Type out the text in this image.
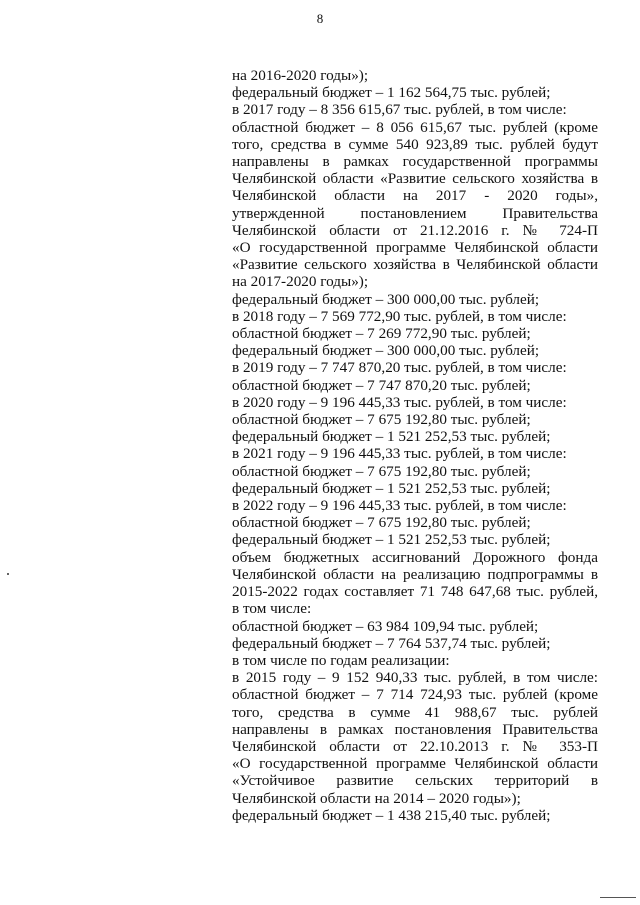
8
на 2016-2020 годы»);
федеральный бюджет – 1 162 564,75 тыс. рублей;
в 2017 году – 8 356 615,67 тыс. рублей, в том числе:
областной бюджет – 8 056 615,67 тыс. рублей (кроме
того, средства в сумме 540 923,89 тыс. рублей будут
направлены в рамках государственной программы
Челябинской области «Развитие сельского хозяйства в
Челябинской области на 2017 - 2020 годы»,
утвержденной постановлением Правительства
Челябинской области от 21.12.2016 г. № 724-П
«О государственной программе Челябинской области
«Развитие сельского хозяйства в Челябинской области
на 2017-2020 годы»);
федеральный бюджет – 300 000,00 тыс. рублей;
в 2018 году – 7 569 772,90 тыс. рублей, в том числе:
областной бюджет – 7 269 772,90 тыс. рублей;
федеральный бюджет – 300 000,00 тыс. рублей;
в 2019 году – 7 747 870,20 тыс. рублей, в том числе:
областной бюджет – 7 747 870,20 тыс. рублей;
в 2020 году – 9 196 445,33 тыс. рублей, в том числе:
областной бюджет – 7 675 192,80 тыс. рублей;
федеральный бюджет – 1 521 252,53 тыс. рублей;
в 2021 году – 9 196 445,33 тыс. рублей, в том числе:
областной бюджет – 7 675 192,80 тыс. рублей;
федеральный бюджет – 1 521 252,53 тыс. рублей;
в 2022 году – 9 196 445,33 тыс. рублей, в том числе:
областной бюджет – 7 675 192,80 тыс. рублей;
федеральный бюджет – 1 521 252,53 тыс. рублей;
объем бюджетных ассигнований Дорожного фонда
Челябинской области на реализацию подпрограммы в
2015-2022 годах составляет 71 748 647,68 тыс. рублей,
в том числе:
областной бюджет – 63 984 109,94 тыс. рублей;
федеральный бюджет – 7 764 537,74 тыс. рублей;
в том числе по годам реализации:
в 2015 году – 9 152 940,33 тыс. рублей, в том числе:
областной бюджет – 7 714 724,93 тыс. рублей (кроме
того, средства в сумме 41 988,67 тыс. рублей
направлены в рамках постановления Правительства
Челябинской области от 22.10.2013 г. № 353-П
«О государственной программе Челябинской области
«Устойчивое развитие сельских территорий в
Челябинской области на 2014 – 2020 годы»);
федеральный бюджет – 1 438 215,40 тыс. рублей;
